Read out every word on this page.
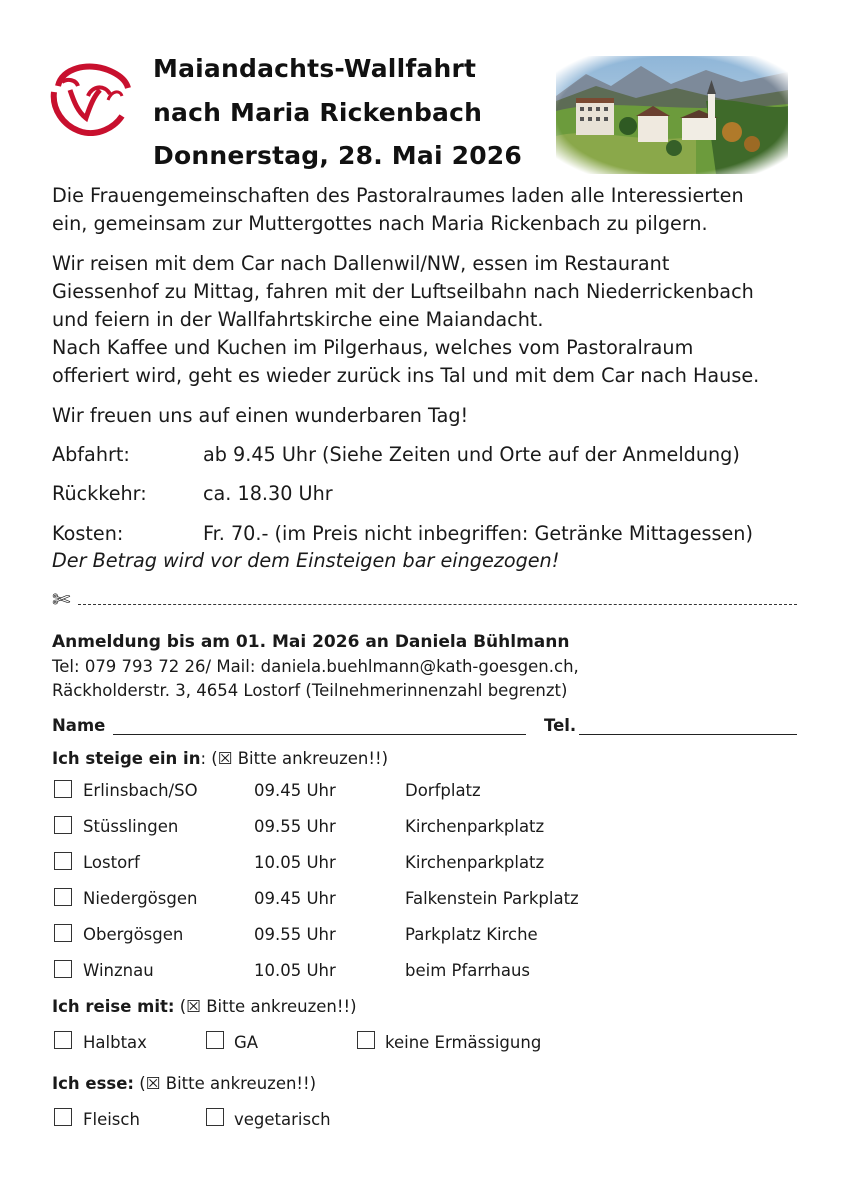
Maiandachts-Wallfahrt
nach Maria Rickenbach
Donnerstag, 28. Mai 2026
Die Frauengemeinschaften des Pastoralraumes laden alle Interessierten
ein, gemeinsam zur Muttergottes nach Maria Rickenbach zu pilgern.
Wir reisen mit dem Car nach Dallenwil/NW, essen im Restaurant
Giessenhof zu Mittag, fahren mit der Luftseilbahn nach Niederrickenbach
und feiern in der Wallfahrtskirche eine Maiandacht.
Nach Kaffee und Kuchen im Pilgerhaus, welches vom Pastoralraum
offeriert wird, geht es wieder zurück ins Tal und mit dem Car nach Hause.
Wir freuen uns auf einen wunderbaren Tag!
Abfahrt:	ab 9.45 Uhr (Siehe Zeiten und Orte auf der Anmeldung)
Rückkehr:	ca. 18.30 Uhr
Kosten:	Fr. 70.- (im Preis nicht inbegriffen: Getränke Mittagessen)
Der Betrag wird vor dem Einsteigen bar eingezogen!
✄
Anmeldung bis am 01. Mai 2026 an Daniela Bühlmann
Tel: 079 793 72 26/ Mail: daniela.buehlmann@kath-goesgen.ch,
Räckholderstr. 3, 4654 Lostorf (Teilnehmerinnenzahl begrenzt)
Name	Tel.
Ich steige ein in: (☒ Bitte ankreuzen!!)
Erlinsbach/SO	09.45 Uhr	Dorfplatz
Stüsslingen	09.55 Uhr	Kirchenparkplatz
Lostorf	10.05 Uhr	Kirchenparkplatz
Niedergösgen	09.45 Uhr	Falkenstein Parkplatz
Obergösgen	09.55 Uhr	Parkplatz Kirche
Winznau	10.05 Uhr	beim Pfarrhaus
Ich reise mit: (☒ Bitte ankreuzen!!)
Halbtax	GA	keine Ermässigung
Ich esse: (☒ Bitte ankreuzen!!)
Fleisch	vegetarisch
